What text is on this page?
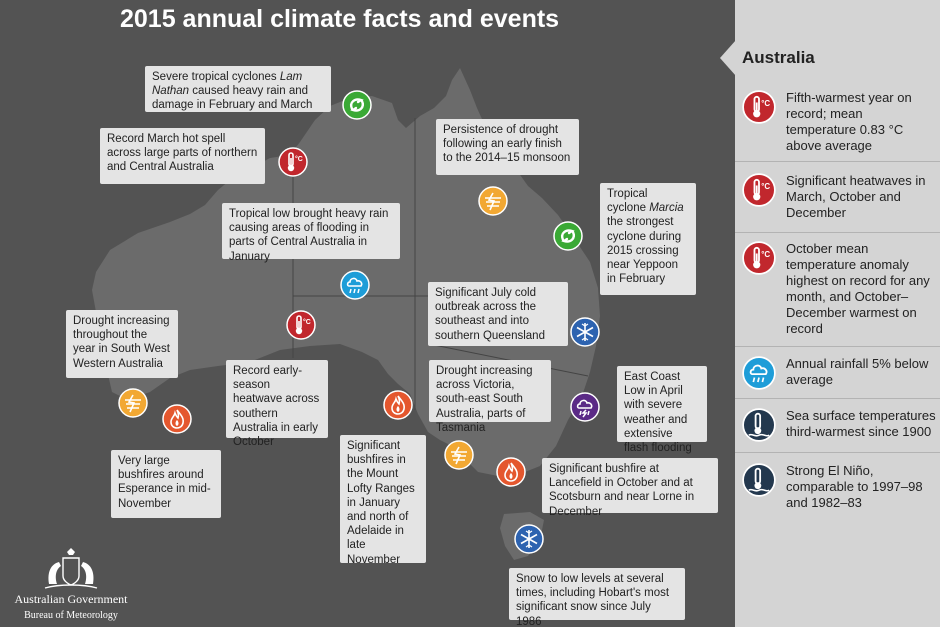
2015 annual climate facts and events
Severe tropical cyclones Lam
Nathan caused heavy rain and damage in February and March
Record March hot spell across large parts of northern and Central Australia
Persistence of drought following an early finish to the 2014–15 monsoon
Tropical cyclone Marcia the strongest cyclone during 2015 crossing near Yeppoon in February
Tropical low brought heavy rain causing areas of flooding in parts of Central Australia in January
Significant July cold outbreak across the southeast and into southern Queensland
Drought increasing throughout the year in South West Western Australia
Record early-season heatwave across southern Australia in early October
Drought increasing across Victoria, south-east South Australia, parts of Tasmania
East Coast Low in April with severe weather and extensive flash flooding
Very large bushfires around Esperance in mid-November
Significant bushfires in the Mount Lofty Ranges in January and north of Adelaide in late November
Significant bushfire at Lancefield in October and at Scotsburn and near Lorne in December
Snow to low levels at several times, including Hobart's most significant snow since July 1986
°C
°C
Australian Government
Bureau of Meteorology
Australia
°C Fifth-warmest year on record; mean temperature 0.83 °C above average
°C Significant heatwaves in March, October and December
°C October mean temperature anomaly highest on record for any month, and October–December warmest on record
Annual rainfall 5% below average
Sea surface temperatures third-warmest since 1900
Strong El Niño, comparable to 1997–98 and 1982–83
